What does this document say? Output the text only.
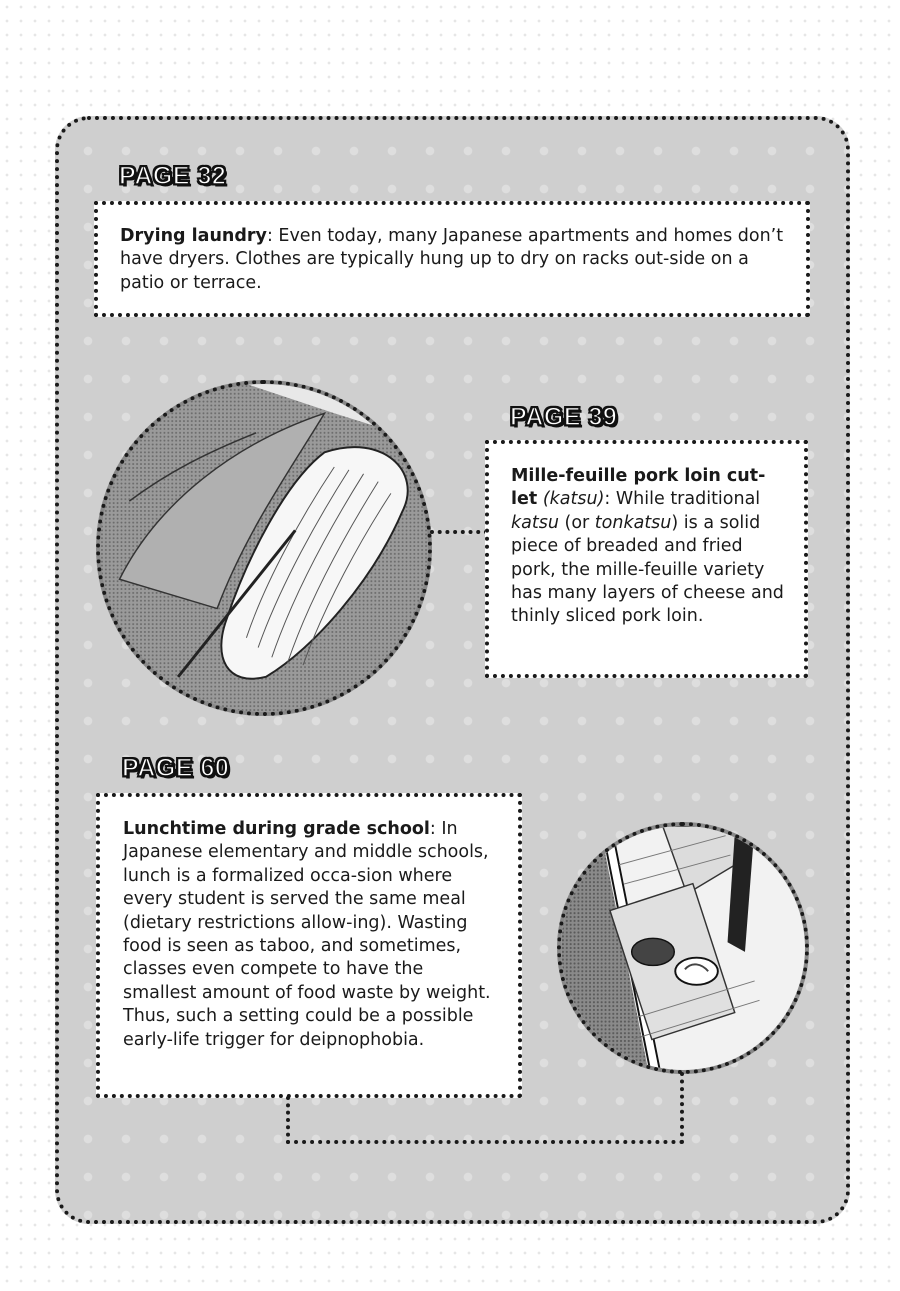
PAGE 32
Drying laundry: Even today, many Japanese apartments and homes don’t have dryers. Clothes are typically hung up to dry on racks out-side on a patio or terrace.
PAGE 39
Mille-feuille pork loin cut-let (katsu): While traditional katsu (or tonkatsu) is a solid piece of breaded and fried pork, the mille-feuille variety has many layers of cheese and thinly sliced pork loin.
PAGE 60
Lunchtime during grade school: In Japanese elementary and middle schools, lunch is a formalized occa-sion where every student is served the same meal (dietary restrictions allow-ing). Wasting food is seen as taboo, and sometimes, classes even compete to have the smallest amount of food waste by weight. Thus, such a setting could be a possible early-life trigger for deipnophobia.
